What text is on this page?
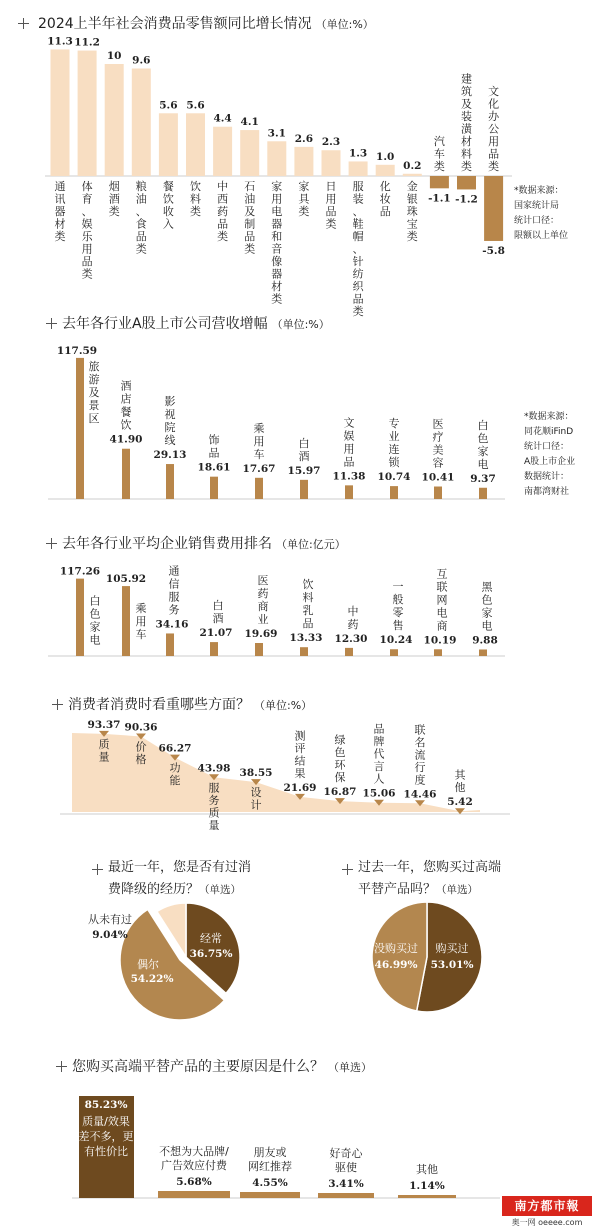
2024上半年社会消费品零售额同比增长情况 （单位:%）
11.3
通讯器材类
11.2
体育、娱乐用品类
10
烟酒类
9.6
粮油、食品类
5.6
餐饮收入
5.6
饮料类
4.4
中西药品类
4.1
石油及制品类
3.1
家用电器和音像器材类
2.6
家具类
2.3
日用品类
1.3
服装、鞋帽、针纺织品类
1.0
化妆品
0.2
金银珠宝类
-1.1
汽车类
-1.2
建筑及装潢材料类
-5.8
文化办公用品类
*数据来源：
国家统计局
统计口径：
限额以上单位
去年各行业A股上市公司营收增幅 （单位:%）
117.59
旅游及景区
41.90
酒店餐饮
29.13
影视院线
18.61
饰品
17.67
乘用车
15.97
白酒
11.38
文娱用品
10.74
专业连锁
10.41
医疗美容
9.37
白色家电
*数据来源：
同花顺iFinD
统计口径：
A股上市企业
数据统计：
南都湾财社
去年各行业平均企业销售费用排名 （单位:亿元）
117.26
白色家电
105.92
乘用车
34.16
通信服务
21.07
白酒
19.69
医药商业
13.33
饮料乳品
12.30
中药
10.24
一般零售
10.19
互联网电商
9.88
黑色家电
消费者消费时看重哪些方面？ （单位:%）
93.37
质量
90.36
价格
66.27
功能
43.98
服务质量
38.55
设计
21.69
测评结果
16.87
绿色环保
15.06
品牌代言人
14.46
联名流行度
5.42
其他
最近一年，您是否有过消
费降级的经历？（单选）
过去一年，您购买过高端
平替产品吗？（单选）
经常
36.75%
偶尔
54.22%
从未有过
9.04%
购买过
53.01%
没购买过
46.99%
您购买高端平替产品的主要原因是什么？ （单选）
85.23%
质量/效果
差不多，更
有性价比
5.68%
不想为大品牌/
广告效应付费
4.55%
朋友或
网红推荐
3.41%
好奇心
驱使
1.14%
其他
南方都市報
奥一网 oeeee.com
